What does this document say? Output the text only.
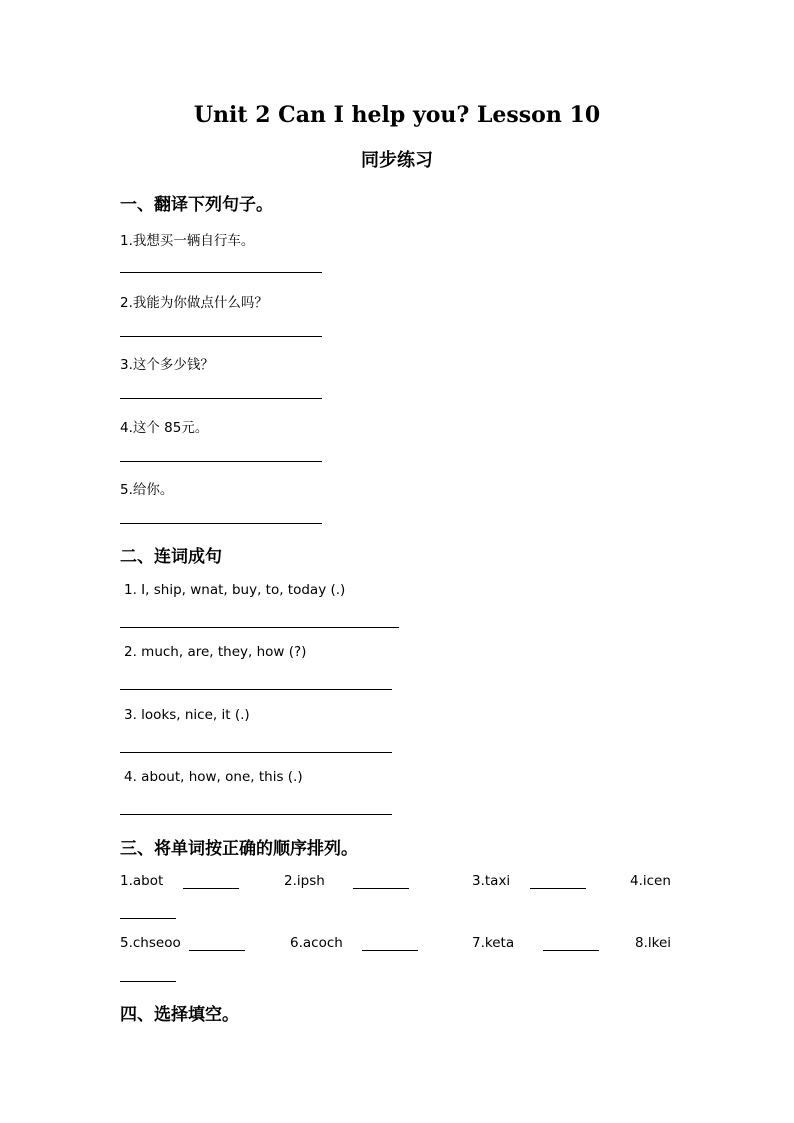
Unit 2 Can I help you? Lesson 10
同步练习
一、翻译下列句子。
1.我想买一辆自行车。
2.我能为你做点什么吗？
3.这个多少钱？
4.这个 85元。
5.给你。
二、连词成句
1. I, ship, wnat, buy, to, today (.)
2. much, are, they, how (?)
3. looks, nice, it (.)
4. about, how, one, this (.)
三、将单词按正确的顺序排列。
1.abot	2.ipsh	3.taxi	4.icen
5.chseoo	6.acoch	7.keta	8.lkei
四、选择填空。
